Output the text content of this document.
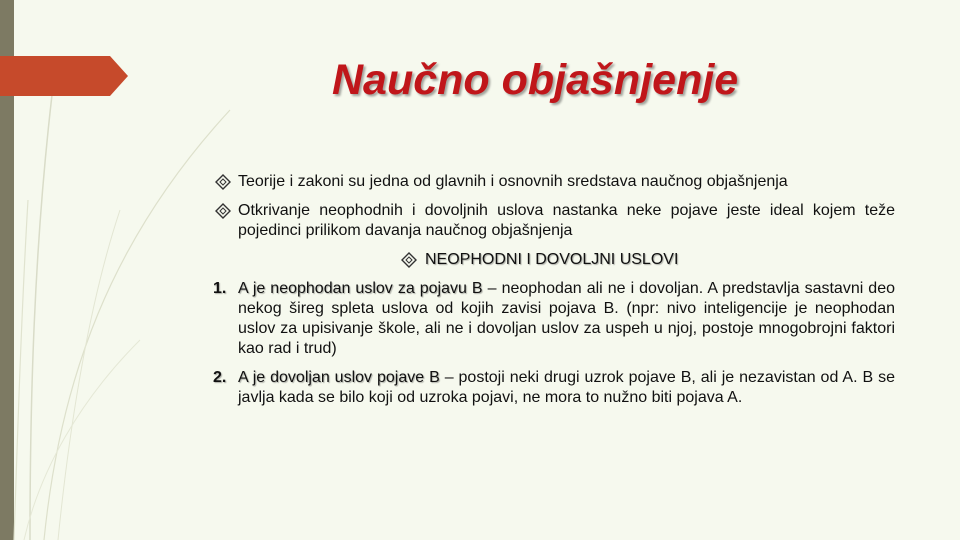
Naučno objašnjenje
Teorije i zakoni su jedna od glavnih i osnovnih sredstava naučnog objašnjenja
Otkrivanje neophodnih i dovoljnih uslova nastanka neke pojave jeste ideal kojem teže pojedinci prilikom davanja naučnog objašnjenja
NEOPHODNI I DOVOLJNI USLOVI
1. A je neophodan uslov za pojavu B – neophodan ali ne i dovoljan. A predstavlja sastavni deo nekog šireg spleta uslova od kojih zavisi pojava B. (npr: nivo inteligencije je neophodan uslov za upisivanje škole, ali ne i dovoljan uslov za uspeh u njoj, postoje mnogobrojni faktori kao rad i trud)
2. A je dovoljan uslov pojave B – postoji neki drugi uzrok pojave B, ali je nezavistan od A. B se javlja kada se bilo koji od uzroka pojavi, ne mora to nužno biti pojava A.
